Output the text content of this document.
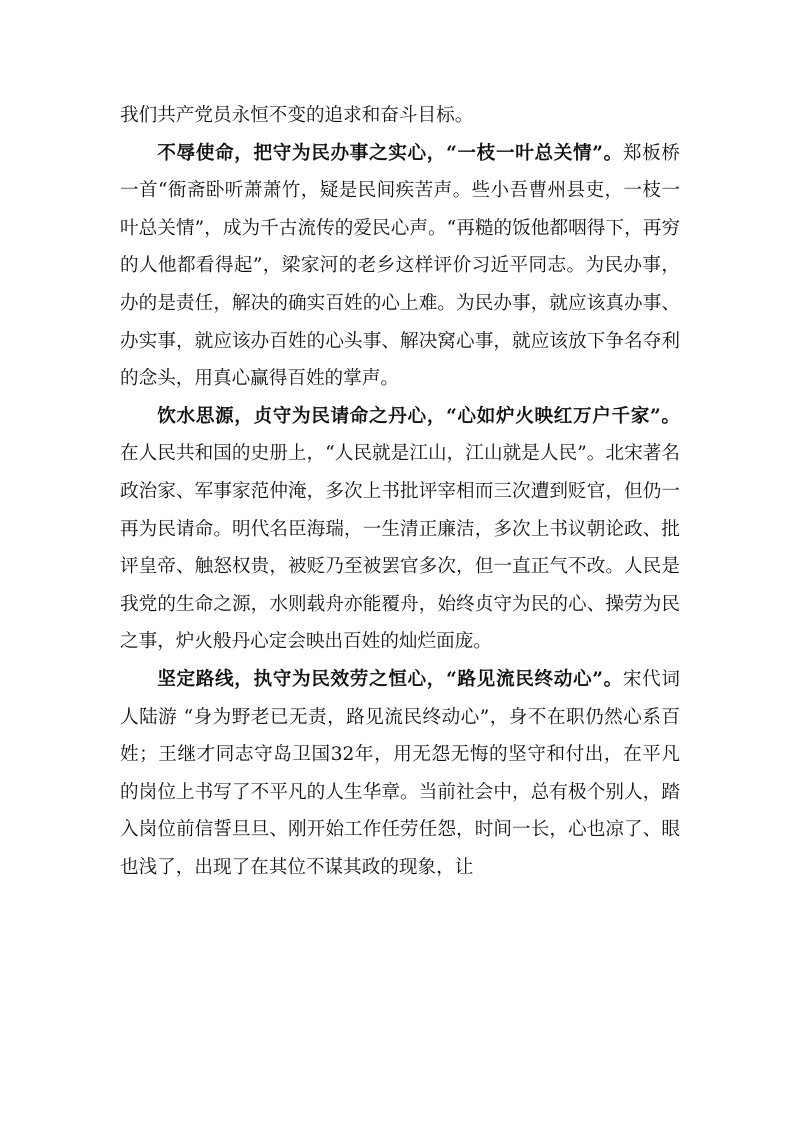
我们共产党员永恒不变的追求和奋斗目标。

不辱使命，把守为民办事之实心，“一枝一叶总关情”。郑板桥一首“衙斋卧听萧萧竹，疑是民间疾苦声。些小吾曹州县吏，一枝一叶总关情”，成为千古流传的爱民心声。“再糙的饭他都咽得下，再穷的人他都看得起”，梁家河的老乡这样评价习近平同志。为民办事，办的是责任，解决的确实百姓的心上难。为民办事，就应该真办事、办实事，就应该办百姓的心头事、解决窝心事，就应该放下争名夺利的念头，用真心赢得百姓的掌声。

饮水思源，贞守为民请命之丹心，“心如炉火映红万户千家”。在人民共和国的史册上，“人民就是江山，江山就是人民”。北宋著名政治家、军事家范仲淹，多次上书批评宰相而三次遭到贬官，但仍一再为民请命。明代名臣海瑞，一生清正廉洁，多次上书议朝论政、批评皇帝、触怒权贵，被贬乃至被罢官多次，但一直正气不改。人民是我党的生命之源，水则载舟亦能覆舟，始终贞守为民的心、操劳为民之事，炉火般丹心定会映出百姓的灿烂面庞。

坚定路线，执守为民效劳之恒心，“路见流民终动心”。宋代词人陆游 “身为野老已无责，路见流民终动心”，身不在职仍然心系百姓；王继才同志守岛卫国32年，用无怨无悔的坚守和付出，在平凡的岗位上书写了不平凡的人生华章。当前社会中，总有极个别人，踏入岗位前信誓旦旦、刚开始工作任劳任怨，时间一长，心也凉了、眼也浅了，出现了在其位不谋其政的现象，让
